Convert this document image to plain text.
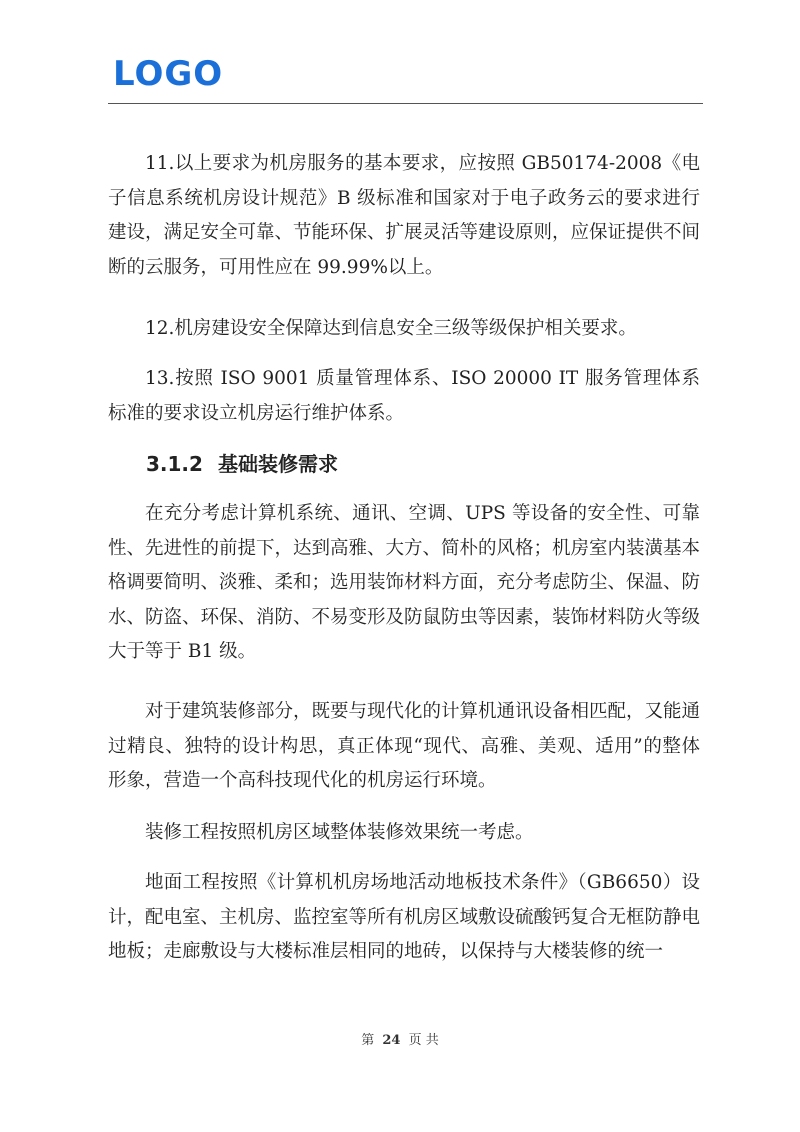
LOGO

11.以上要求为机房服务的基本要求，应按照 GB50174-2008《电子信息系统机房设计规范》B 级标准和国家对于电子政务云的要求进行建设，满足安全可靠、节能环保、扩展灵活等建设原则，应保证提供不间断的云服务，可用性应在 99.99%以上。

12.机房建设安全保障达到信息安全三级等级保护相关要求。

13.按照 ISO 9001 质量管理体系、ISO 20000 IT 服务管理体系标准的要求设立机房运行维护体系。

3.1.2 基础装修需求

在充分考虑计算机系统、通讯、空调、UPS 等设备的安全性、可靠性、先进性的前提下，达到高雅、大方、简朴的风格；机房室内装潢基本格调要简明、淡雅、柔和；选用装饰材料方面，充分考虑防尘、保温、防水、防盗、环保、消防、不易变形及防鼠防虫等因素，装饰材料防火等级大于等于 B1 级。

对于建筑装修部分，既要与现代化的计算机通讯设备相匹配，又能通过精良、独特的设计构思，真正体现“现代、高雅、美观、适用”的整体形象，营造一个高科技现代化的机房运行环境。

装修工程按照机房区域整体装修效果统一考虑。

地面工程按照《计算机机房场地活动地板技术条件》（GB6650）设计，配电室、主机房、监控室等所有机房区域敷设硫酸钙复合无框防静电地板；走廊敷设与大楼标准层相同的地砖，以保持与大楼装修的统一

第 24 页 共
